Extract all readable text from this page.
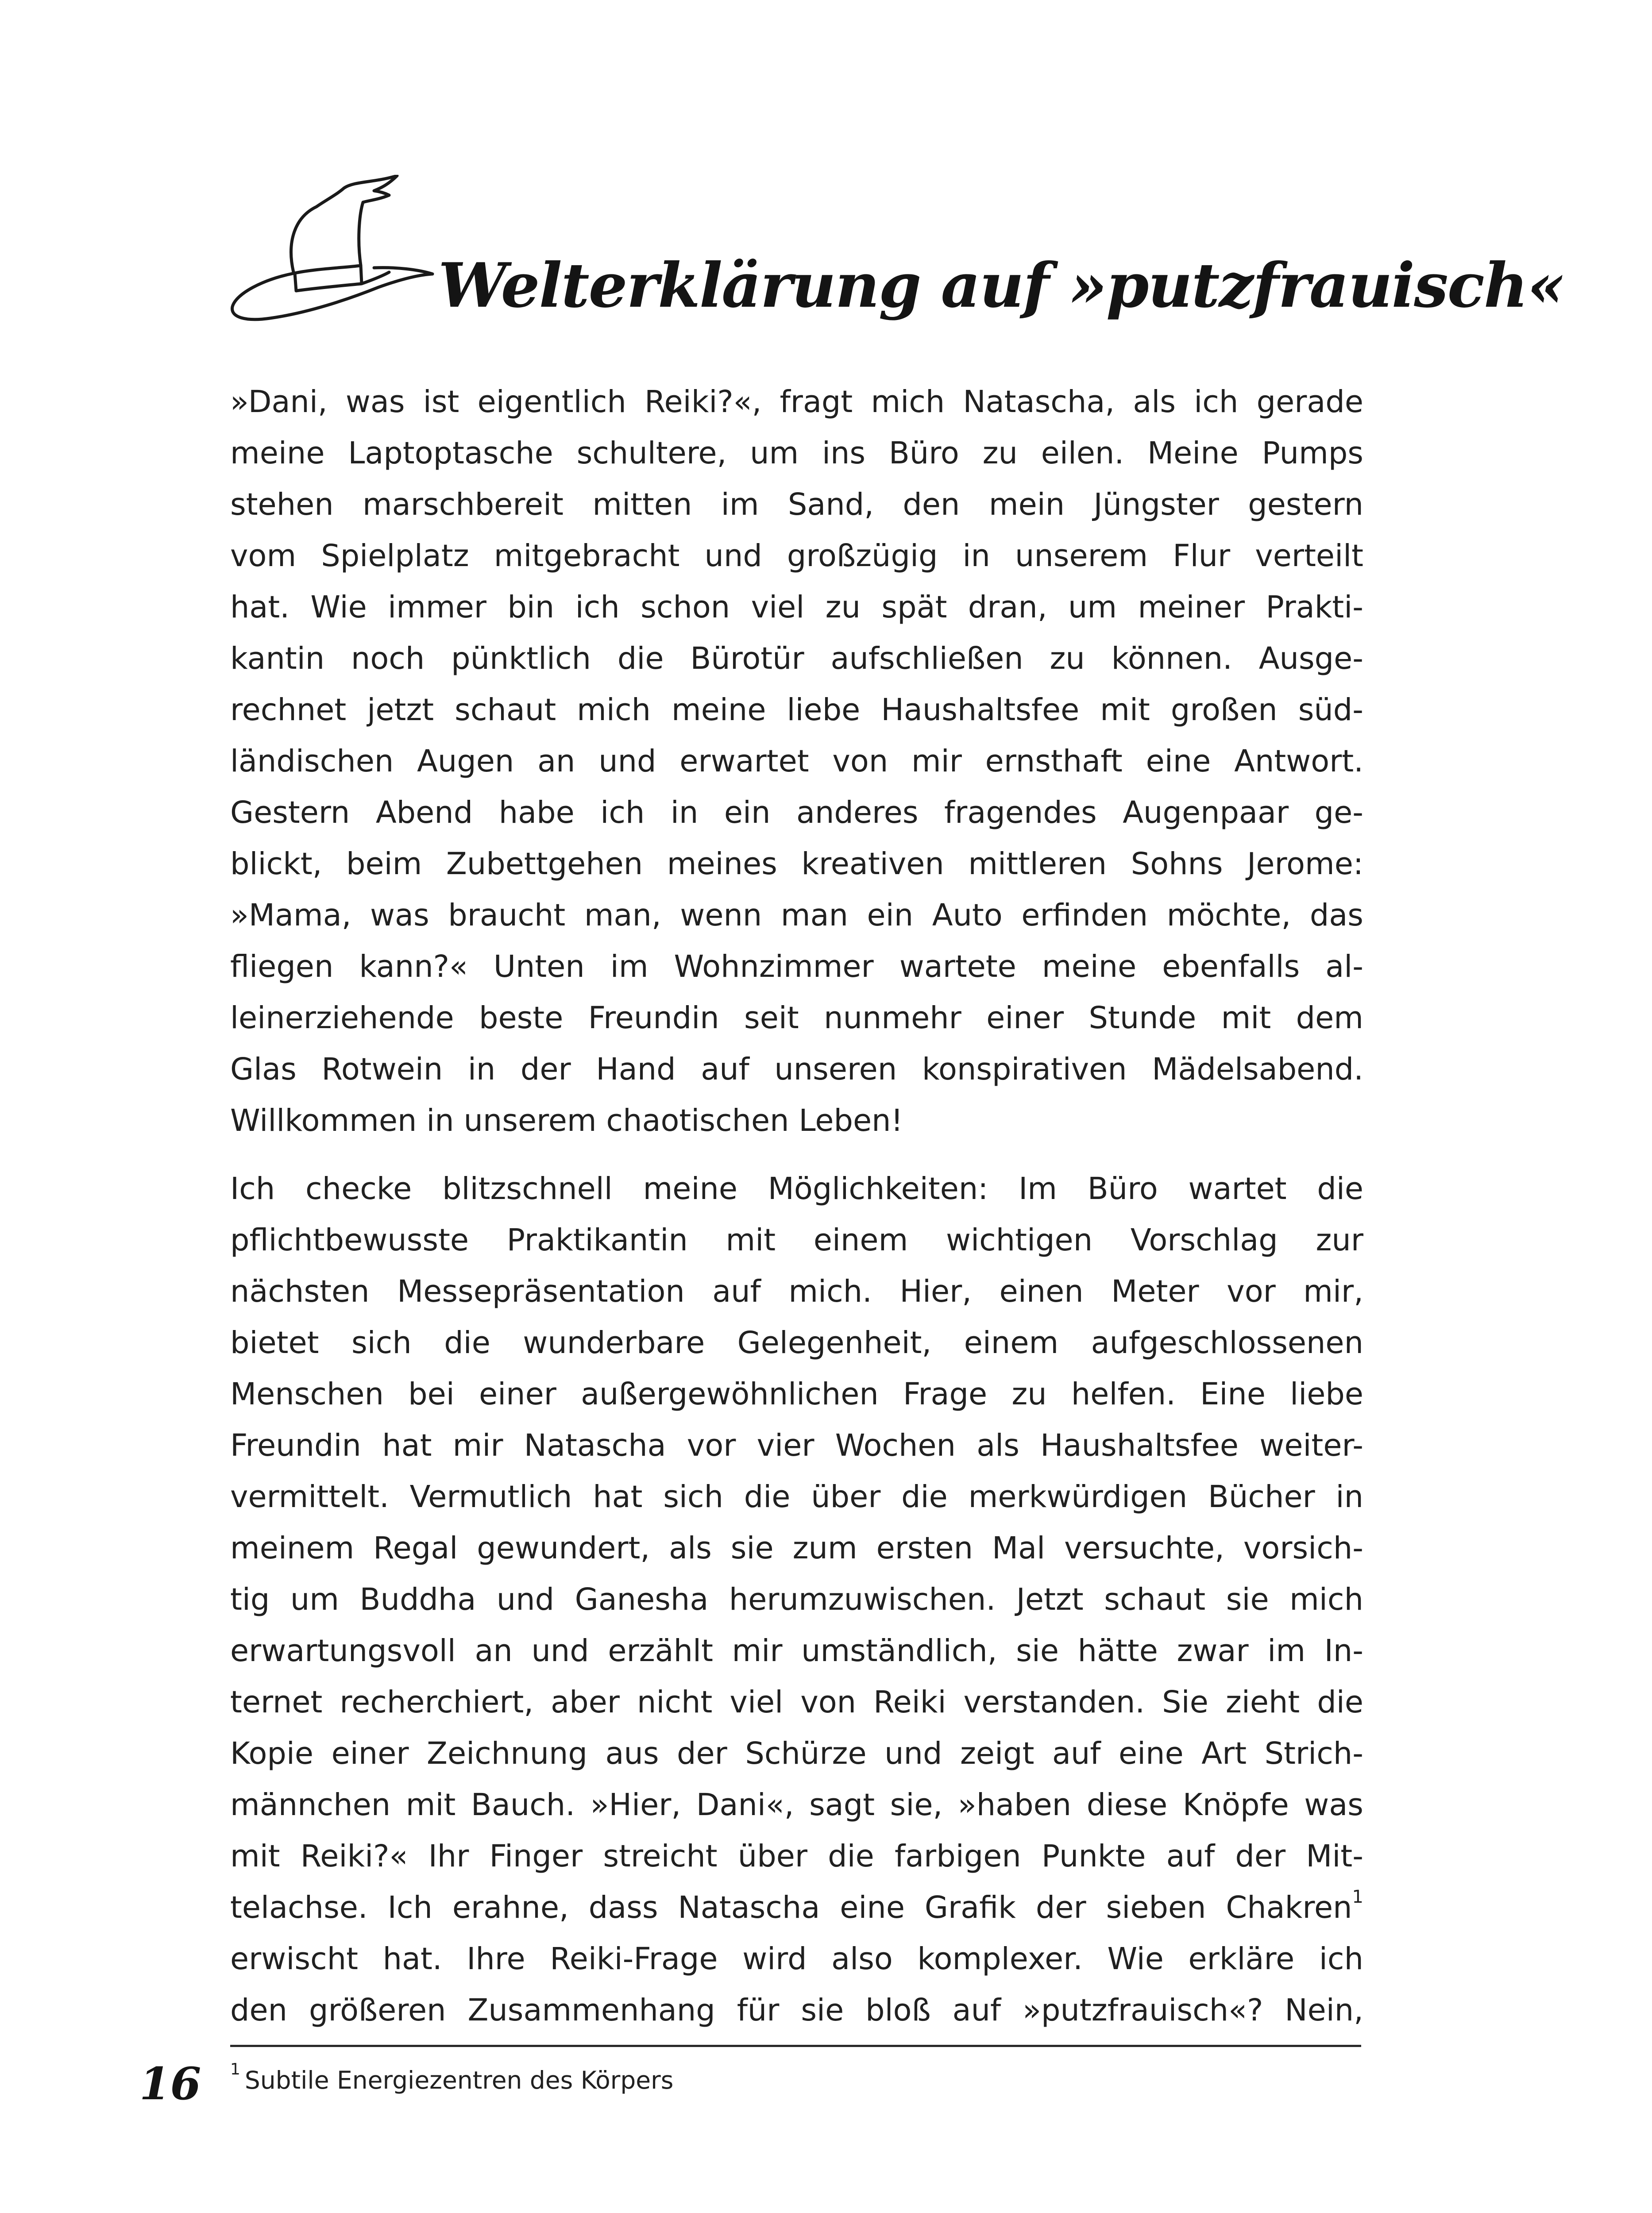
Welterklärung auf »putzfrauisch«

»Dani, was ist eigentlich Reiki?«, fragt mich Natascha, als ich gerade
meine Laptoptasche schultere, um ins Büro zu eilen. Meine Pumps
stehen marschbereit mitten im Sand, den mein Jüngster gestern
vom Spielplatz mitgebracht und großzügig in unserem Flur verteilt
hat. Wie immer bin ich schon viel zu spät dran, um meiner Prakti-
kantin noch pünktlich die Bürotür aufschließen zu können. Ausge-
rechnet jetzt schaut mich meine liebe Haushaltsfee mit großen süd-
ländischen Augen an und erwartet von mir ernsthaft eine Antwort.
Gestern Abend habe ich in ein anderes fragendes Augenpaar ge-
blickt, beim Zubettgehen meines kreativen mittleren Sohns Jerome:
»Mama, was braucht man, wenn man ein Auto erfinden möchte, das
fliegen kann?« Unten im Wohnzimmer wartete meine ebenfalls al-
leinerziehende beste Freundin seit nunmehr einer Stunde mit dem
Glas Rotwein in der Hand auf unseren konspirativen Mädelsabend.
Willkommen in unserem chaotischen Leben!

Ich checke blitzschnell meine Möglichkeiten: Im Büro wartet die
pflichtbewusste Praktikantin mit einem wichtigen Vorschlag zur
nächsten Messepräsentation auf mich. Hier, einen Meter vor mir,
bietet sich die wunderbare Gelegenheit, einem aufgeschlossenen
Menschen bei einer außergewöhnlichen Frage zu helfen. Eine liebe
Freundin hat mir Natascha vor vier Wochen als Haushaltsfee weiter-
vermittelt. Vermutlich hat sich die über die merkwürdigen Bücher in
meinem Regal gewundert, als sie zum ersten Mal versuchte, vorsich-
tig um Buddha und Ganesha herumzuwischen. Jetzt schaut sie mich
erwartungsvoll an und erzählt mir umständlich, sie hätte zwar im In-
ternet recherchiert, aber nicht viel von Reiki verstanden. Sie zieht die
Kopie einer Zeichnung aus der Schürze und zeigt auf eine Art Strich-
männchen mit Bauch. »Hier, Dani«, sagt sie, »haben diese Knöpfe was
mit Reiki?« Ihr Finger streicht über die farbigen Punkte auf der Mit-
telachse. Ich erahne, dass Natascha eine Grafik der sieben Chakren$^1$
erwischt hat. Ihre Reiki-Frage wird also komplexer. Wie erkläre ich
den größeren Zusammenhang für sie bloß auf »putzfrauisch«? Nein,

16 $^1$ Subtile Energiezentren des Körpers
